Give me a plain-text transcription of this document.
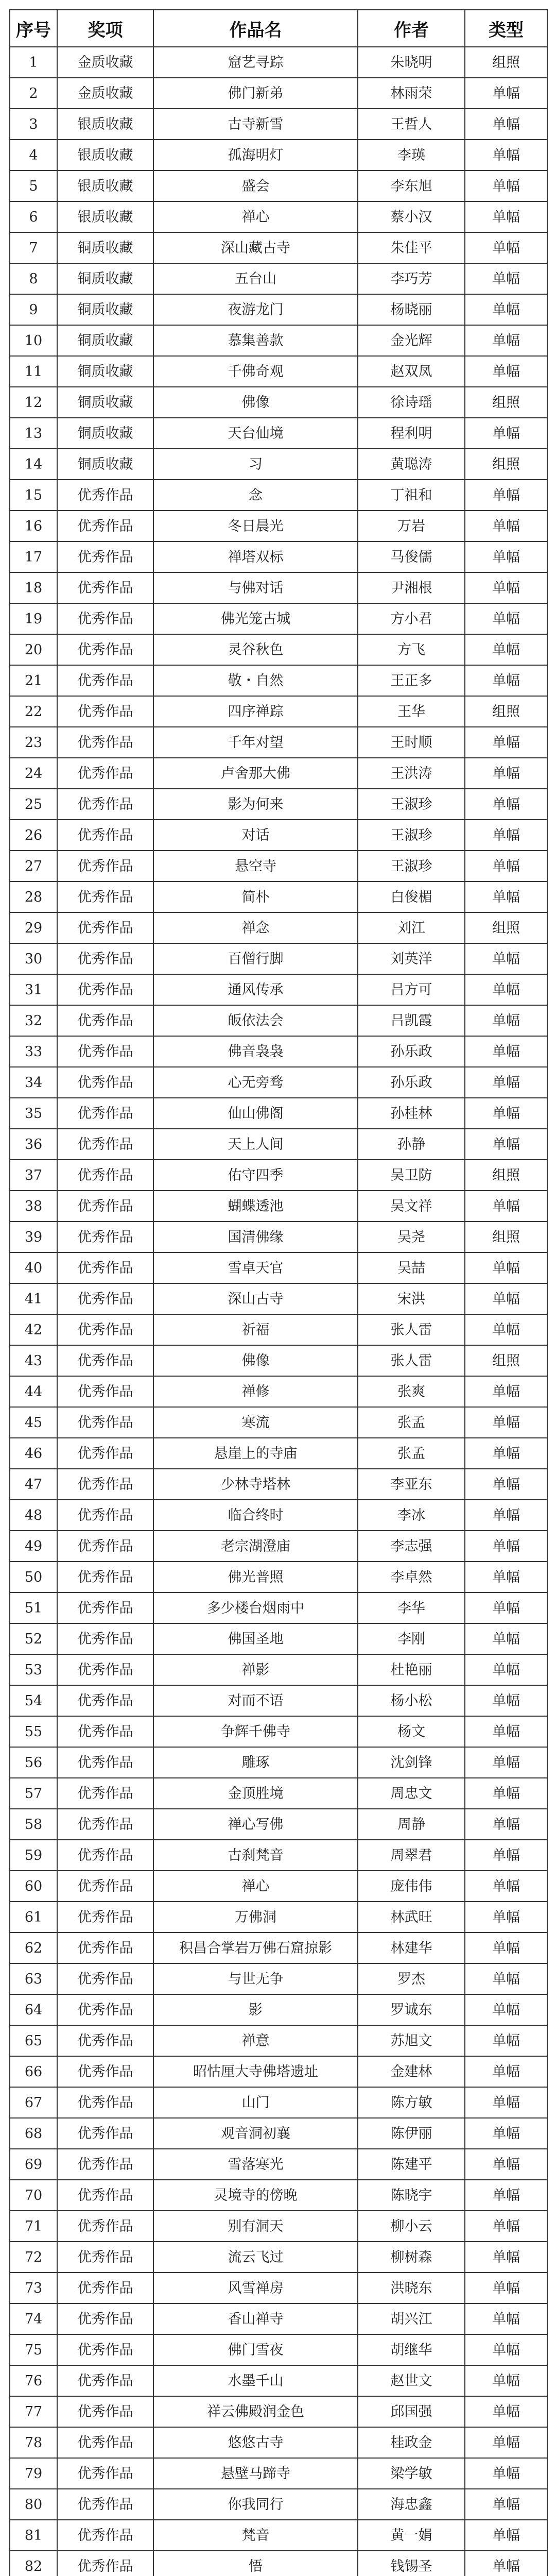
序号	奖项	作品名	作者	类型
1	金质收藏	窟艺寻踪	朱晓明	组照
2	金质收藏	佛门新弟	林雨荣	单幅
3	银质收藏	古寺新雪	王哲人	单幅
4	银质收藏	孤海明灯	李瑛	单幅
5	银质收藏	盛会	李东旭	单幅
6	银质收藏	禅心	蔡小汉	单幅
7	铜质收藏	深山藏古寺	朱佳平	单幅
8	铜质收藏	五台山	李巧芳	单幅
9	铜质收藏	夜游龙门	杨晓丽	单幅
10	铜质收藏	慕集善款	金光辉	单幅
11	铜质收藏	千佛奇观	赵双凤	单幅
12	铜质收藏	佛像	徐诗瑶	组照
13	铜质收藏	天台仙境	程利明	单幅
14	铜质收藏	习	黄聪涛	组照
15	优秀作品	念	丁祖和	单幅
16	优秀作品	冬日晨光	万岩	单幅
17	优秀作品	禅塔双标	马俊儒	单幅
18	优秀作品	与佛对话	尹湘根	单幅
19	优秀作品	佛光笼古城	方小君	单幅
20	优秀作品	灵谷秋色	方飞	单幅
21	优秀作品	敬・自然	王正多	单幅
22	优秀作品	四序禅踪	王华	组照
23	优秀作品	千年对望	王时顺	单幅
24	优秀作品	卢舍那大佛	王洪涛	单幅
25	优秀作品	影为何来	王淑珍	单幅
26	优秀作品	对话	王淑珍	单幅
27	优秀作品	悬空寺	王淑珍	单幅
28	优秀作品	简朴	白俊楣	单幅
29	优秀作品	禅念	刘江	组照
30	优秀作品	百僧行脚	刘英洋	单幅
31	优秀作品	通风传承	吕方可	单幅
32	优秀作品	皈依法会	吕凯霞	单幅
33	优秀作品	佛音袅袅	孙乐政	单幅
34	优秀作品	心无旁骛	孙乐政	单幅
35	优秀作品	仙山佛阁	孙桂林	单幅
36	优秀作品	天上人间	孙静	单幅
37	优秀作品	佑守四季	吴卫防	组照
38	优秀作品	蝴蝶透池	吴文祥	单幅
39	优秀作品	国清佛缘	吴尧	组照
40	优秀作品	雪卓天官	吴喆	单幅
41	优秀作品	深山古寺	宋洪	单幅
42	优秀作品	祈福	张人雷	单幅
43	优秀作品	佛像	张人雷	组照
44	优秀作品	禅修	张爽	单幅
45	优秀作品	寒流	张孟	单幅
46	优秀作品	悬崖上的寺庙	张孟	单幅
47	优秀作品	少林寺塔林	李亚东	单幅
48	优秀作品	临合终时	李冰	单幅
49	优秀作品	老宗湖澄庙	李志强	单幅
50	优秀作品	佛光普照	李卓然	单幅
51	优秀作品	多少楼台烟雨中	李华	单幅
52	优秀作品	佛国圣地	李刚	单幅
53	优秀作品	禅影	杜艳丽	单幅
54	优秀作品	对而不语	杨小松	单幅
55	优秀作品	争辉千佛寺	杨文	单幅
56	优秀作品	雕琢	沈剑锋	单幅
57	优秀作品	金顶胜境	周忠文	单幅
58	优秀作品	禅心写佛	周静	单幅
59	优秀作品	古刹梵音	周翠君	单幅
60	优秀作品	禅心	庞伟伟	单幅
61	优秀作品	万佛洞	林武旺	单幅
62	优秀作品	积昌合掌岩万佛石窟掠影	林建华	单幅
63	优秀作品	与世无争	罗杰	单幅
64	优秀作品	影	罗诚东	单幅
65	优秀作品	禅意	苏旭文	单幅
66	优秀作品	昭怙厘大寺佛塔遗址	金建林	单幅
67	优秀作品	山门	陈方敏	单幅
68	优秀作品	观音洞初襄	陈伊丽	单幅
69	优秀作品	雪落寒光	陈建平	单幅
70	优秀作品	灵境寺的傍晚	陈晓宇	单幅
71	优秀作品	别有洞天	柳小云	单幅
72	优秀作品	流云飞过	柳树森	单幅
73	优秀作品	风雪禅房	洪晓东	单幅
74	优秀作品	香山禅寺	胡兴江	单幅
75	优秀作品	佛门雪夜	胡继华	单幅
76	优秀作品	水墨千山	赵世文	单幅
77	优秀作品	祥云佛殿润金色	邱国强	单幅
78	优秀作品	悠悠古寺	桂政金	单幅
79	优秀作品	悬壁马蹄寺	梁学敏	单幅
80	优秀作品	你我同行	海忠鑫	单幅
81	优秀作品	梵音	黄一娟	单幅
82	优秀作品	悟	钱锡圣	单幅
